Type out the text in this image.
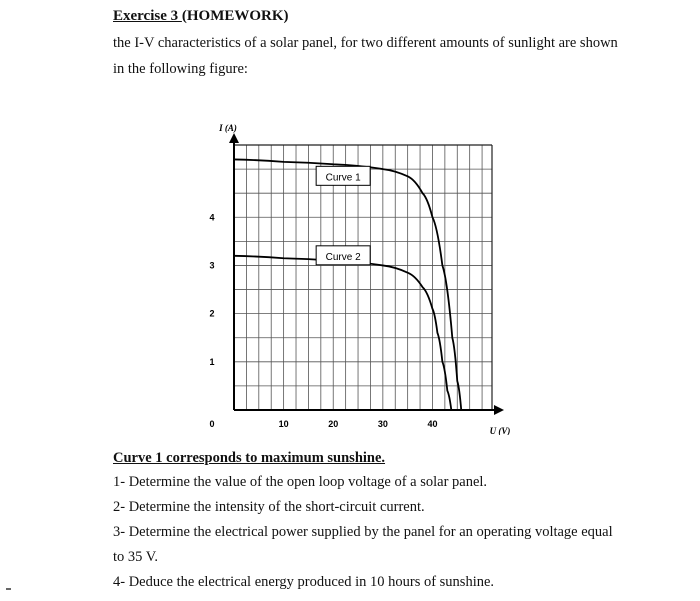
Exercise 3 (HOMEWORK)
the I-V characteristics of a solar panel, for two different amounts of sunlight are shown
in the following figure:
10	20	30	40
0
1
2
3
4
I (A)
U (V)
Curve 1
Curve 2
Curve 1 corresponds to maximum sunshine.
1- Determine the value of the open loop voltage of a solar panel.
2- Determine the intensity of the short-circuit current.
3- Determine the electrical power supplied by the panel for an operating voltage equal
to 35 V.
4- Deduce the electrical energy produced in 10 hours of sunshine.
